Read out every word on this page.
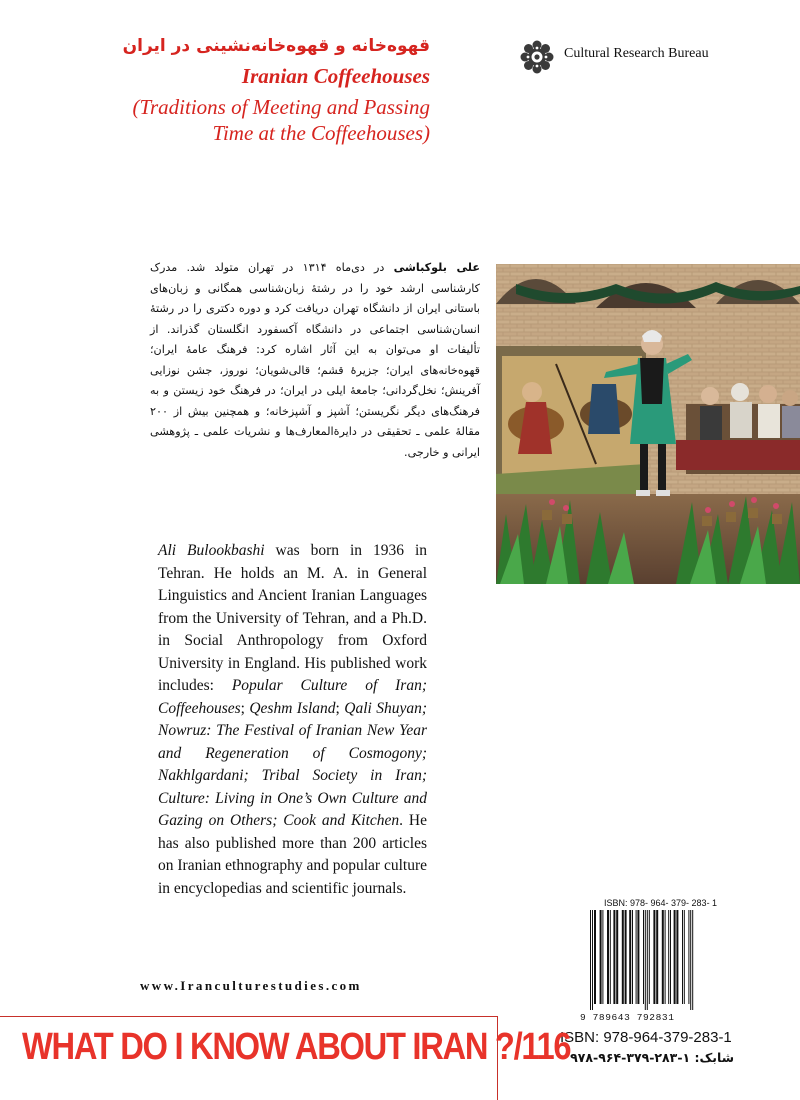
قهوه‌خانه و قهوه‌خانه‌نشینی در ایران
Iranian Coffeehouses
(Traditions of Meeting and Passing
Time at the Coffeehouses)
Cultural Research Bureau
علی بلوکباشی در دی‌ماه ۱۳۱۴ در تهران متولد شد. مدرک کارشناسی ارشد خود را در رشتهٔ زبان‌شناسی همگانی و زبان‌های باستانی ایران از دانشگاه تهران دریافت کرد و دوره دکتری را در رشتهٔ انسان‌شناسی اجتماعی در دانشگاه آکسفورد انگلستان گذراند. از تألیفات او می‌توان به این آثار اشاره کرد: فرهنگ عامهٔ ایران؛ قهوه‌خانه‌های ایران؛ جزیرهٔ قشم؛ قالی‌شویان؛ نوروز، جشن نوزایی آفرینش؛ نخل‌گردانی؛ جامعهٔ ایلی در ایران؛ در فرهنگ خود زیستن و به فرهنگ‌های دیگر نگریستن؛ آشپز و آشپزخانه؛ و همچنین بیش از ۲۰۰ مقالهٔ علمی ـ تحقیقی در دایرةالمعارف‌ها و نشریات علمی ـ پژوهشی ایرانی و خارجی.
Ali Bulookbashi was born in 1936 in Tehran. He holds an M. A. in General Linguistics and Ancient Iranian Languages from the University of Tehran, and a Ph.D. in Social Anthropology from Oxford University in England. His published work includes: Popular Culture of Iran; Coffeehouses; Qeshm Island; Qali Shuyan; Nowruz: The Festival of Iranian New Year and Regeneration of Cosmogony; Nakhlgardani; Tribal Society in Iran; Culture: Living in One’s Own Culture and Gazing on Others; Cook and Kitchen. He has also published more than 200 articles on Iranian ethnography and popular culture in encyclopedias and scientific journals.
ISBN: 978- 964- 379- 283- 1
9 789643 792831
ISBN: 978-964-379-283-1
شابک: ۱-۲۸۳-۳۷۹-۹۶۴-۹۷۸
www.Iranculturestudies.com
WHAT DO I KNOW ABOUT IRAN ?/116
